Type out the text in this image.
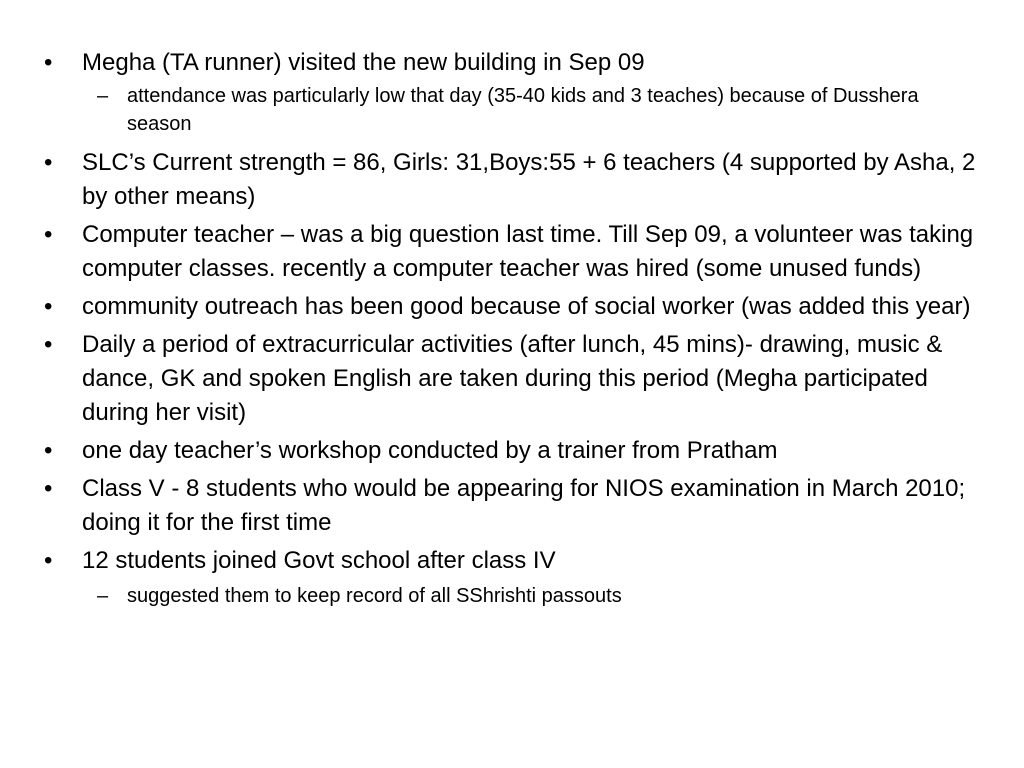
• Megha (TA runner) visited the new building in Sep 09
– attendance was particularly low that day (35-40 kids and 3 teaches) because of Dusshera season
• SLC’s Current strength = 86, Girls: 31,Boys:55 + 6 teachers (4 supported by Asha, 2 by other means)
• Computer teacher – was a big question last time. Till Sep 09, a volunteer was taking computer classes. recently a computer teacher was hired (some unused funds)
• community outreach has been good because of social worker (was added this year)
• Daily a period of extracurricular activities (after lunch, 45 mins)- drawing, music & dance, GK and spoken English are taken during this period (Megha participated during her visit)
• one day teacher’s workshop conducted by a trainer from Pratham
• Class V - 8 students who would be appearing for NIOS examination in March 2010; doing it for the first time
• 12 students joined Govt school after class IV
– suggested them to keep record of all SShrishti passouts
